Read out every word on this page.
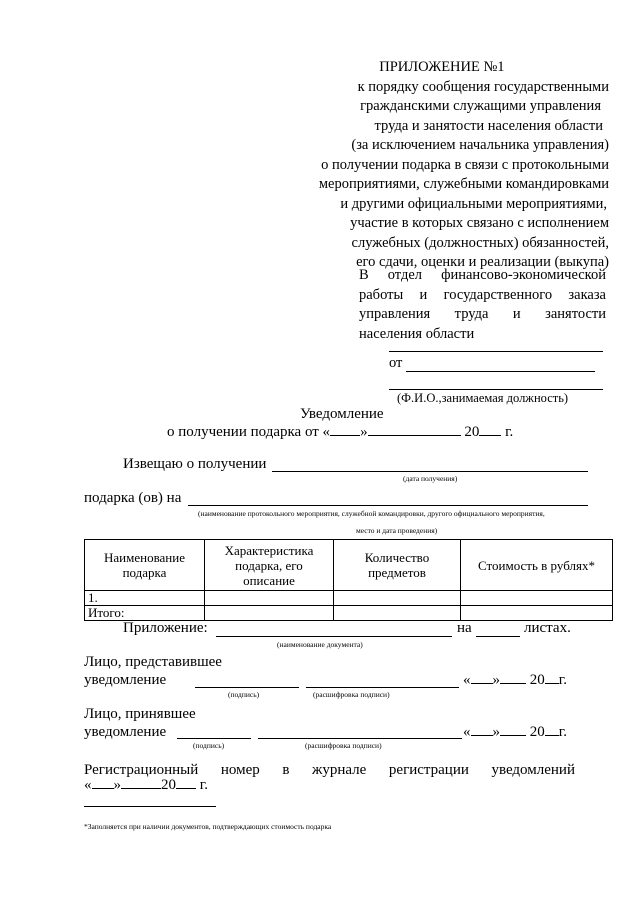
ПРИЛОЖЕНИЕ №1
к порядку сообщения государственными
гражданскими служащими управления
труда и занятости населения области
(за исключением начальника управления)
о получении подарка в связи с протокольными
мероприятиями, служебными командировками
и другими официальными мероприятиями,
участие в которых связано с исполнением
служебных (должностных) обязанностей,
его сдачи, оценки и реализации (выкупа)
В отдел финансово-экономической
работы и государственного заказа
управления труда и занятости
населения области
от
(Ф.И.О.,занимаемая должность)
Уведомление
о получении подарка от « »	20 г.
Извещаю о получении
(дата получения)
подарка (ов) на
(наименование протокольного мероприятия, служебной командировки, другого официального мероприятия,
место и дата проведения)
Наименование подарка	Характеристика подарка, его описание	Количество предметов	Стоимость в рублях*
1.			
Итого:			
Приложение:	на	листах.
(наименование документа)
Лицо, представившее
уведомление	« » 20 г.
(подпись)	(расшифровка подписи)
Лицо, принявшее
уведомление	« » 20 г.
(подпись)	(расшифровка подписи)
Регистрационный номер в журнале регистрации уведомлений
« »	20 г.
*Заполняется при наличии документов, подтверждающих стоимость подарка
